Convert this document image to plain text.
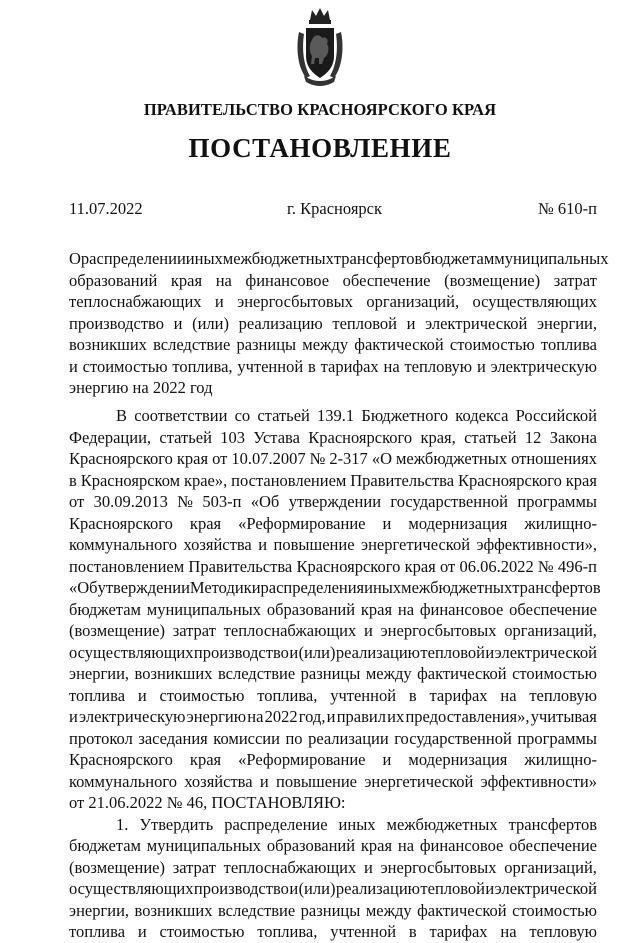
ПРАВИТЕЛЬСТВО КРАСНОЯРСКОГО КРАЯ
ПОСТАНОВЛЕНИЕ
11.07.2022	г. Красноярск	№ 610-п
О распределении иных межбюджетных трансфертов бюджетам муниципальных
образований края на финансовое обеспечение (возмещение) затрат
теплоснабжающих и энергосбытовых организаций, осуществляющих
производство и (или) реализацию тепловой и электрической энергии,
возникших вследствие разницы между фактической стоимостью топлива
и стоимостью топлива, учтенной в тарифах на тепловую и электрическую
энергию на 2022 год
В соответствии со статьей 139.1 Бюджетного кодекса Российской
Федерации, статьей 103 Устава Красноярского края, статьей 12 Закона
Красноярского края от 10.07.2007 № 2-317 «О межбюджетных отношениях
в Красноярском крае», постановлением Правительства Красноярского края
от 30.09.2013 № 503-п «Об утверждении государственной программы
Красноярского края «Реформирование и модернизация жилищно-
коммунального хозяйства и повышение энергетической эффективности»,
постановлением Правительства Красноярского края от 06.06.2022 № 496-п
«Об утверждении Методики распределения иных межбюджетных трансфертов
бюджетам муниципальных образований края на финансовое обеспечение
(возмещение) затрат теплоснабжающих и энергосбытовых организаций,
осуществляющих производство и (или) реализацию тепловой и электрической
энергии, возникших вследствие разницы между фактической стоимостью
топлива и стоимостью топлива, учтенной в тарифах на тепловую
и электрическую энергию на 2022 год, и правил их предоставления», учитывая
протокол заседания комиссии по реализации государственной программы
Красноярского края «Реформирование и модернизация жилищно-
коммунального хозяйства и повышение энергетической эффективности»
от 21.06.2022 № 46, ПОСТАНОВЛЯЮ:
1. Утвердить распределение иных межбюджетных трансфертов
бюджетам муниципальных образований края на финансовое обеспечение
(возмещение) затрат теплоснабжающих и энергосбытовых организаций,
осуществляющих производство и (или) реализацию тепловой и электрической
энергии, возникших вследствие разницы между фактической стоимостью
топлива и стоимостью топлива, учтенной в тарифах на тепловую
